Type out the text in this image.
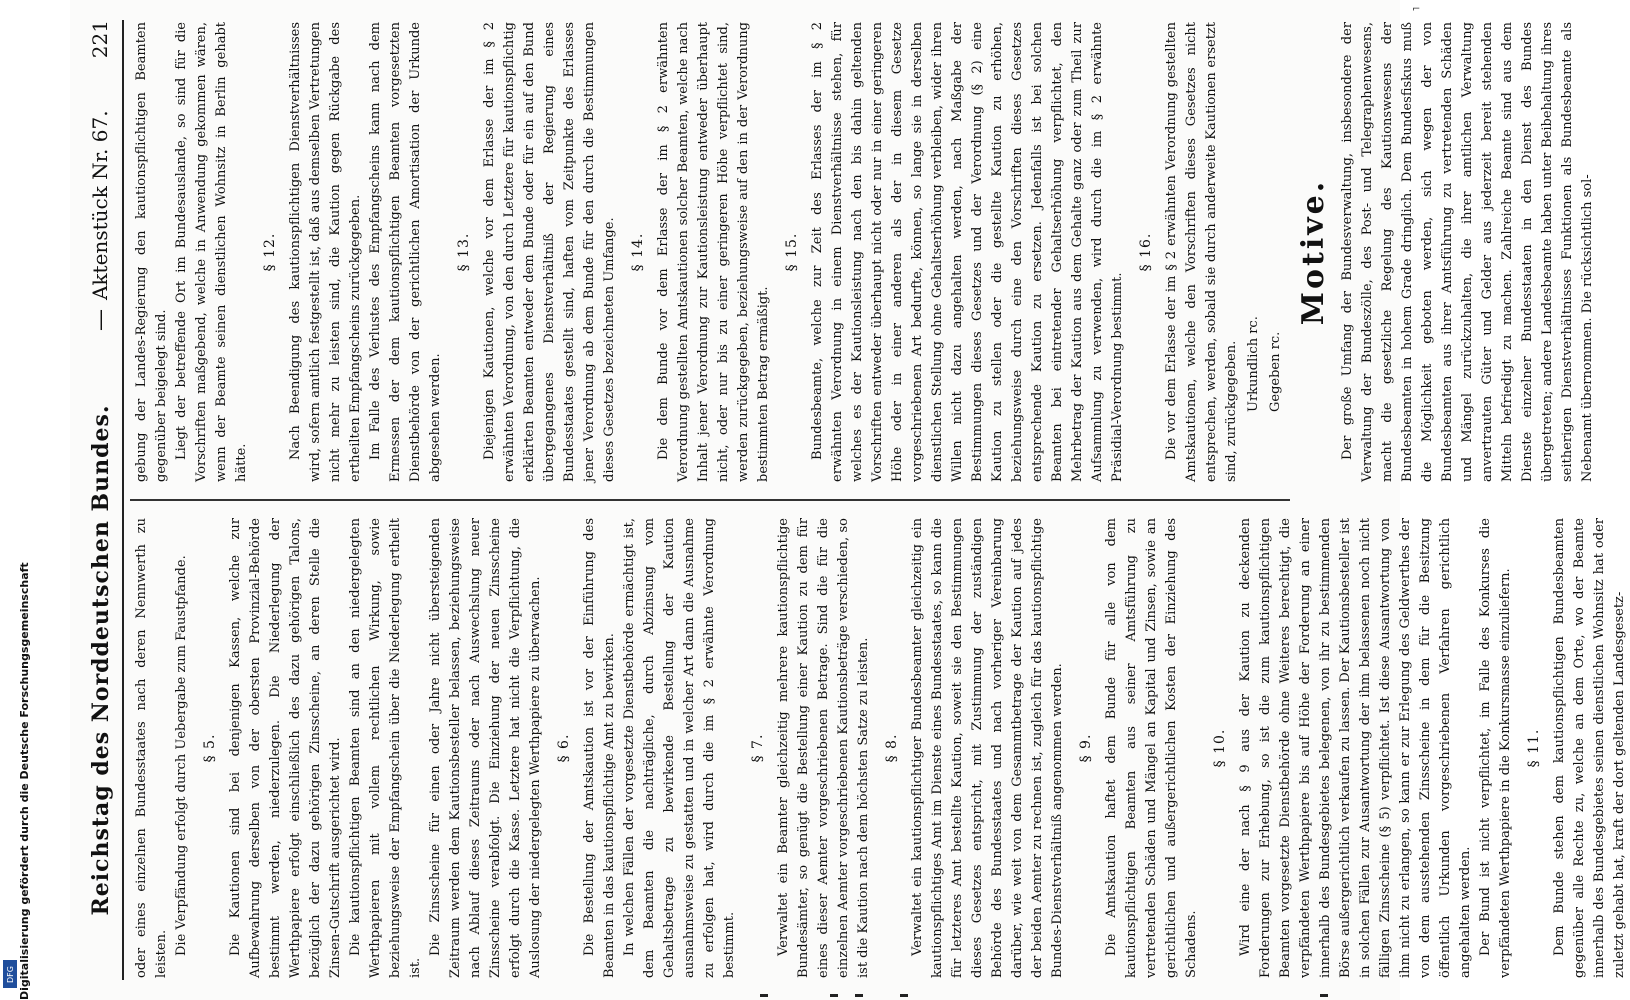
Digitalisierung gefördert durch die Deutsche Forschungsgemeinschaft
DFG
⌐
Reichstag des Norddeutschen Bundes.
—
Aktenstück Nr. 67.
221

oder eines einzelnen Bundesstaates nach deren Nennwerth zu leisten. Die Verpfändung erfolgt durch Uebergabe zum Faustpfande. § 5. Die Kautionen sind bei denjenigen Kassen, welche zur Aufbewahrung derselben von der obersten Provinzial-Behörde bestimmt werden, niederzulegen. Die Niederlegung der Werthpapiere erfolgt einschließlich des dazu gehörigen Talons, bezüglich der dazu gehörigen Zinsscheine, an deren Stelle die Zinsen-Gutschrift ausgerichtet wird. Die kautionspflichtigen Beamten sind an den niedergelegten Werthpapieren mit vollem rechtlichen Wirkung, sowie beziehungsweise der Empfangschein über die Niederlegung ertheilt ist.

Die Zinsscheine für einen oder Jahre nicht übersteigenden Zeitraum werden dem Kautionsbesteller belassen, beziehungsweise nach Ablauf dieses Zeitraums oder nach Auswechslung neuer Zinsscheine verabfolgt. Die Einziehung der neuen Zinsscheine erfolgt durch die Kasse. Letztere hat nicht die Verpflichtung, die Auslosung der niedergelegten Werthpapiere zu überwachen. § 6. Die Bestellung der Amtskaution ist vor der Einführung des Beamten in das kautionspflichtige Amt zu bewirken. In welchen Fällen der vorgesetzte Dienstbehörde ermächtigt ist, dem Beamten die nachträgliche, durch Abzinsung vom Gehaltsbetrage zu bewirkende Bestellung der Kaution ausnahmsweise zu gestatten und in welcher Art dann die Ausnahme zu erfolgen hat, wird durch die im § 2 erwähnte Verordnung bestimmt.

§ 7. Verwaltet ein Beamter gleichzeitig mehrere kautionspflichtige Bundesämter, so genügt die Bestellung einer Kaution zu dem für eines dieser Aemter vorgeschriebenen Betrage. Sind die für die einzelnen Aemter vorgeschriebenen Kautionsbeträge verschieden, so ist die Kaution nach dem höchsten Satze zu leisten. § 8. Verwaltet ein kautionspflichtiger Bundesbeamter gleichzeitig ein kautionspflichtiges Amt im Dienste eines Bundesstaates, so kann die für letzteres Amt bestellte Kaution, soweit sie den Bestimmungen dieses Gesetzes entspricht, mit Zustimmung der zuständigen Behörde des Bundesstaates und nach vorheriger Vereinbarung darüber, wie weit von dem Gesammtbetrage der Kaution auf jedes der beiden Aemter zu rechnen ist, zugleich für das kautionspflichtige Bundes-Dienstverhältniß angenommen werden. § 9. Die Amtskaution haftet dem Bunde für alle von dem kautionspflichtigen Beamten aus seiner Amtsführung zu vertretenden Schäden und Mängel an Kapital und Zinsen, sowie an gerichtlichen und außergerichtlichen Kosten der Einziehung des Schadens.

§ 10. Wird eine der nach § 9 aus der Kaution zu deckenden Forderungen zur Erhebung, so ist die zum kautionspflichtigen Beamten vorgesetzte Dienstbehörde ohne Weiteres berechtigt, die verpfändeten Werthpapiere bis auf Höhe der Forderung an einer innerhalb des Bundesgebietes belegenen, von ihr zu bestimmenden Börse außergerichtlich verkaufen zu lassen. Der Kautionsbesteller ist in solchen Fällen zur Ausantwortung der ihm belassenen noch nicht fälligen Zinsscheine (§ 5) verpflichtet. Ist diese Ausantwortung von ihm nicht zu erlangen, so kann er zur Erlegung des Geldwerthes der von dem ausstehenden Zinsscheine in dem für die Besitzung öffentlich Urkunden vorgeschriebenen Verfahren gerichtlich angehalten werden. Der Bund ist nicht verpflichtet, im Falle des Konkurses die verpfändeten Werthpapiere in die Konkursmasse einzuliefern. § 11. Dem Bunde stehen dem kautionspflichtigen Bundesbeamten gegenüber alle Rechte zu, welche an dem Orte, wo der Beamte innerhalb des Bundesgebietes seinen dienstlichen Wohnsitz hat oder zuletzt gehabt hat, kraft der dort geltenden Landesgesetz-

gebung der Landes-Regierung den kautionspflichtigen Beamten gegenüber beigelegt sind. Liegt der betreffende Ort im Bundesauslande, so sind für die Vorschriften maßgebend, welche in Anwendung gekommen wären, wenn der Beamte seinen dienstlichen Wohnsitz in Berlin gehabt hätte.

§ 12. Nach Beendigung des kautionspflichtigen Dienstverhältnisses wird, sofern amtlich festgestellt ist, daß aus demselben Vertretungen nicht mehr zu leisten sind, die Kaution gegen Rückgabe des ertheilten Empfangscheins zurückgegeben. Im Falle des Verlustes des Empfangscheins kann nach dem Ermessen der dem kautionspflichtigen Beamten vorgesetzten Dienstbehörde von der gerichtlichen Amortisation der Urkunde abgesehen werden.

§ 13. Diejenigen Kautionen, welche vor dem Erlasse der im § 2 erwähnten Verordnung, von den durch Letztere für kautionspflichtig erklärten Beamten entweder dem Bunde oder für ein auf den Bund übergegangenes Dienstverhältniß der Regierung eines Bundesstaates gestellt sind, haften vom Zeitpunkte des Erlasses jener Verordnung ab dem Bunde für den durch die Bestimmungen dieses Gesetzes bezeichneten Umfange. § 14. Die dem Bunde vor dem Erlasse der im § 2 erwähnten Verordnung gestellten Amtskautionen solcher Beamten, welche nach Inhalt jener Verordnung zur Kautionsleistung entweder überhaupt nicht, oder nur bis zu einer geringeren Höhe verpflichtet sind, werden zurückgegeben, beziehungsweise auf den in der Verordnung bestimmten Betrag ermäßigt.

§ 15. Bundesbeamte, welche zur Zeit des Erlasses der im § 2 erwähnten Verordnung in einem Dienstverhältnisse stehen, für welches es der Kautionsleistung nach den bis dahin geltenden Vorschriften entweder überhaupt nicht oder nur in einer geringeren Höhe oder in einer anderen als der in diesem Gesetze vorgeschriebenen Art bedurfte, können, so lange sie in derselben dienstlichen Stellung ohne Gehaltserhöhung verbleiben, wider ihren Willen nicht dazu angehalten werden, nach Maßgabe der Bestimmungen dieses Gesetzes und der Verordnung (§ 2) eine Kaution zu stellen oder die gestellte Kaution zu erhöhen, beziehungsweise durch eine den Vorschriften dieses Gesetzes entsprechende Kaution zu ersetzen. Jedenfalls ist bei solchen Beamten bei eintretender Gehaltserhöhung verpflichtet, den Mehrbetrag der Kaution aus dem Gehalte ganz oder zum Theil zur Aufsammlung zu verwenden, wird durch die im § 2 erwähnte Präsidial-Verordnung bestimmt.

§ 16. Die vor dem Erlasse der im § 2 erwähnten Verordnung gestellten Amtskautionen, welche den Vorschriften dieses Gesetzes nicht entsprechen, werden, sobald sie durch anderweite Kautionen ersetzt sind, zurückgegeben. Urkundlich rc. Gegeben rc.

Motive. Der große Umfang der Bundesverwaltung, insbesondere der Verwaltung der Bundeszölle, des Post- und Telegraphenwesens, macht die gesetzliche Regelung des Kautionswesens der Bundesbeamten in hohem Grade dringlich. Dem Bundesfiskus muß die Möglichkeit geboten werden, sich wegen der von Bundesbeamten aus ihrer Amtsführung zu vertretenden Schäden und Mängel zurückzuhalten, die ihrer amtlichen Verwaltung anvertrauten Güter und Gelder aus jederzeit bereit stehenden Mitteln befriedigt zu machen. Zahlreiche Beamte sind aus dem Dienste einzelner Bundesstaaten in den Dienst des Bundes übergetreten; andere Landesbeamte haben unter Beibehaltung ihres seitherigen Dienstverhältnisses Funktionen als Bundesbeamte als Nebenamt übernommen. Die rücksichtlich sol-
